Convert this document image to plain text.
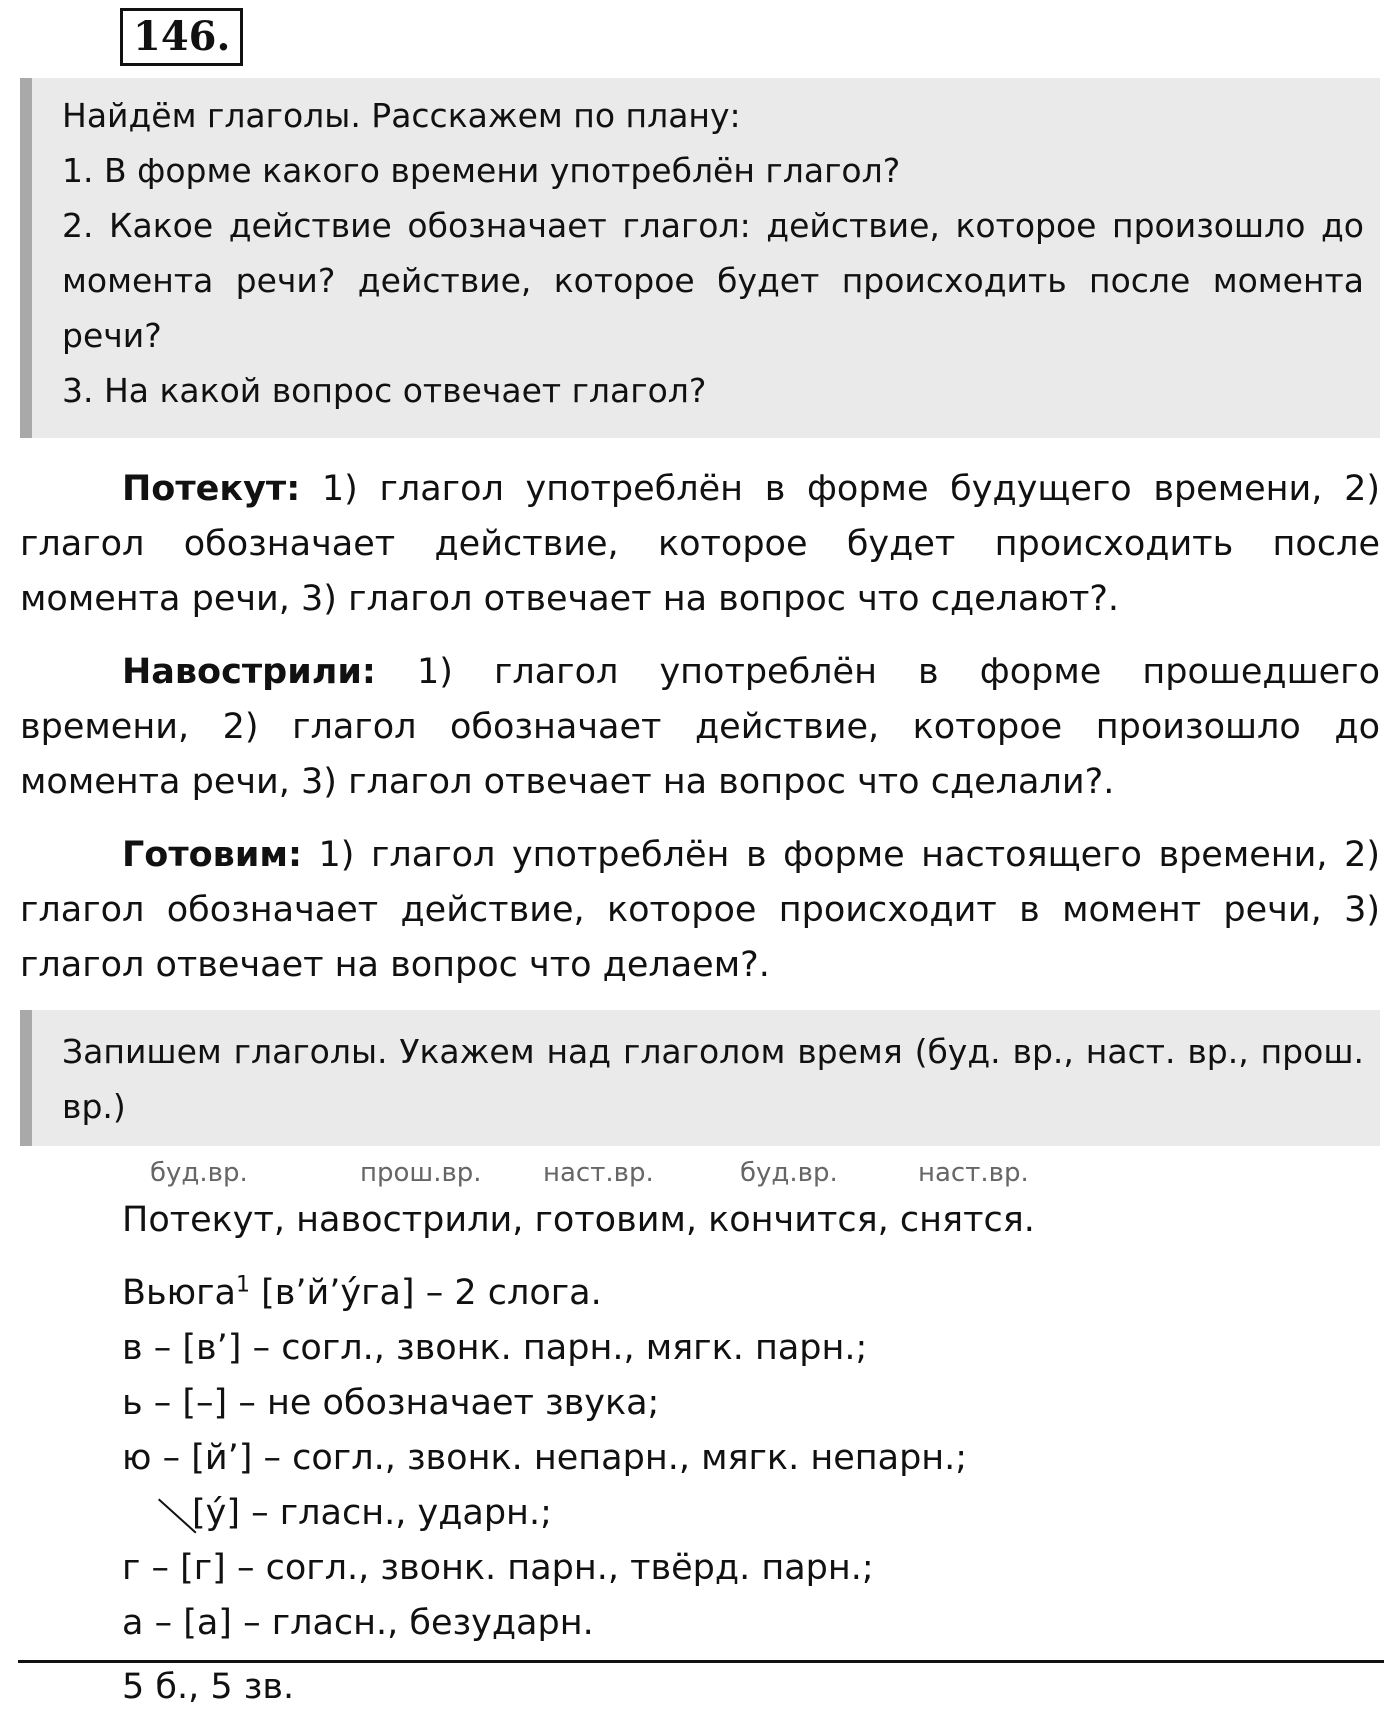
146.
Найдём глаголы. Расскажем по плану:
1. В форме какого времени употреблён глагол?
2. Какое действие обозначает глагол: действие, которое произошло до момента речи? действие, которое будет происходить после момента речи?
3. На какой вопрос отвечает глагол?
Потекут: 1) глагол употреблён в форме будущего времени, 2) глагол обозначает действие, которое будет происходить после момента речи, 3) глагол отвечает на вопрос что сделают?.
Навострили: 1) глагол употреблён в форме прошедшего времени, 2) глагол обозначает действие, которое произошло до момента речи, 3) глагол отвечает на вопрос что сделали?.
Готовим: 1) глагол употреблён в форме настоящего времени, 2) глагол обозначает действие, которое происходит в момент речи, 3) глагол отвечает на вопрос что делаем?.
Запишем глаголы. Укажем над глаголом время (буд. вр., наст. вр., прош. вр.)
буд.вр.	прош.вр. наст.вр.	буд.вр.	наст.вр.
Потекут, навострили, готовим, кончится, снятся.
Вьюга$^1$ [в’й’ýга] – 2 слога.
в – [в’] – согл., звонк. парн., мягк. парн.;
ь – [–] – не обозначает звука;
ю – [й’] – согл., звонк. непарн., мягк. непарн.;
[ý] – гласн., ударн.;
г – [г] – согл., звонк. парн., твёрд. парн.;
а – [а] – гласн., безударн.
5 б., 5 зв.
